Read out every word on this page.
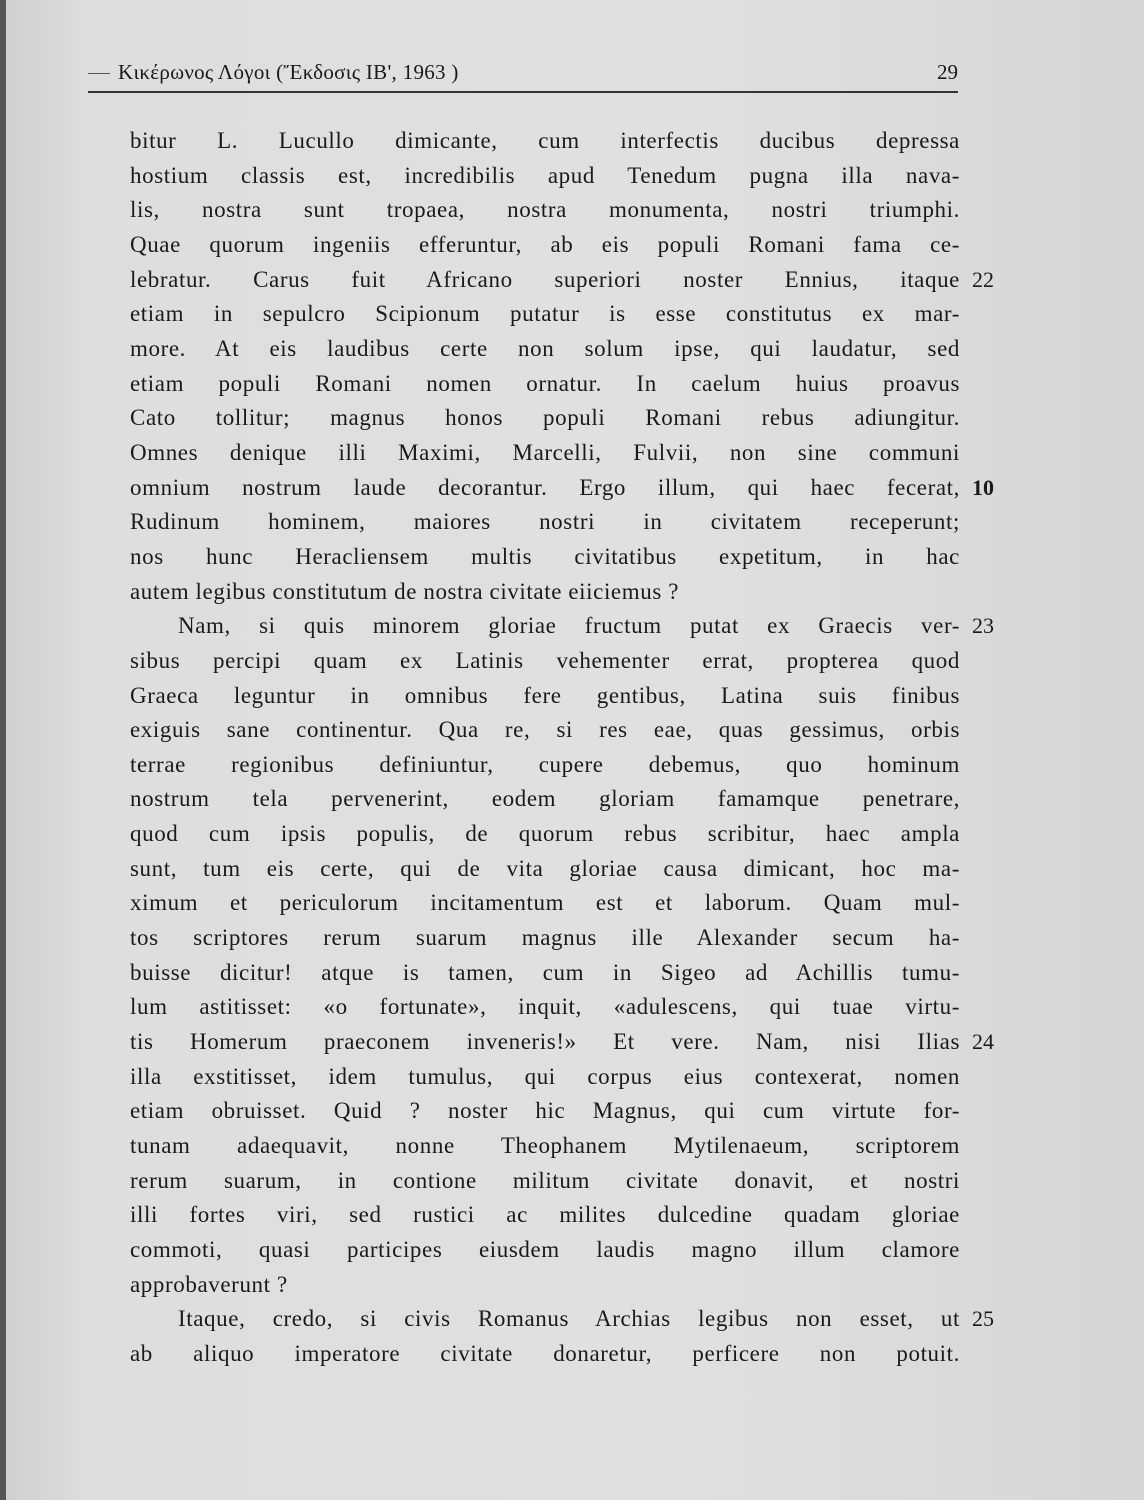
Κικέρωνος Λόγοι (Ἔκδοσις ΙΒ', 1963 )	29
bitur L. Lucullo dimicante, cum interfectis ducibus depressa
hostium classis est, incredibilis apud Tenedum pugna illa nava-
lis, nostra sunt tropaea, nostra monumenta, nostri triumphi.
Quae quorum ingeniis efferuntur, ab eis populi Romani fama ce-
lebratur. Carus fuit Africano superiori noster Ennius, itaque
etiam in sepulcro Scipionum putatur is esse constitutus ex mar-
more. At eis laudibus certe non solum ipse, qui laudatur, sed
etiam populi Romani nomen ornatur. In caelum huius proavus
Cato tollitur; magnus honos populi Romani rebus adiungitur.
Omnes denique illi Maximi, Marcelli, Fulvii, non sine communi
omnium nostrum laude decorantur. Ergo illum, qui haec fecerat,
Rudinum hominem, maiores nostri in civitatem receperunt;
nos hunc Heracliensem multis civitatibus expetitum, in hac
autem legibus constitutum de nostra civitate eiiciemus ?
Nam, si quis minorem gloriae fructum putat ex Graecis ver-
sibus percipi quam ex Latinis vehementer errat, propterea quod
Graeca leguntur in omnibus fere gentibus, Latina suis finibus
exiguis sane continentur. Qua re, si res eae, quas gessimus, orbis
terrae regionibus definiuntur, cupere debemus, quo hominum
nostrum tela pervenerint, eodem gloriam famamque penetrare,
quod cum ipsis populis, de quorum rebus scribitur, haec ampla
sunt, tum eis certe, qui de vita gloriae causa dimicant, hoc ma-
ximum et periculorum incitamentum est et laborum. Quam mul-
tos scriptores rerum suarum magnus ille Alexander secum ha-
buisse dicitur! atque is tamen, cum in Sigeo ad Achillis tumu-
lum astitisset: «o fortunate», inquit, «adulescens, qui tuae virtu-
tis Homerum praeconem inveneris!» Et vere. Nam, nisi Ilias
illa exstitisset, idem tumulus, qui corpus eius contexerat, nomen
etiam obruisset. Quid ? noster hic Magnus, qui cum virtute for-
tunam adaequavit, nonne Theophanem Mytilenaeum, scriptorem
rerum suarum, in contione militum civitate donavit, et nostri
illi fortes viri, sed rustici ac milites dulcedine quadam gloriae
commoti, quasi participes eiusdem laudis magno illum clamore
approbaverunt ?
Itaque, credo, si civis Romanus Archias legibus non esset, ut
ab aliquo imperatore civitate donaretur, perficere non potuit.
22
10
23
24
25
